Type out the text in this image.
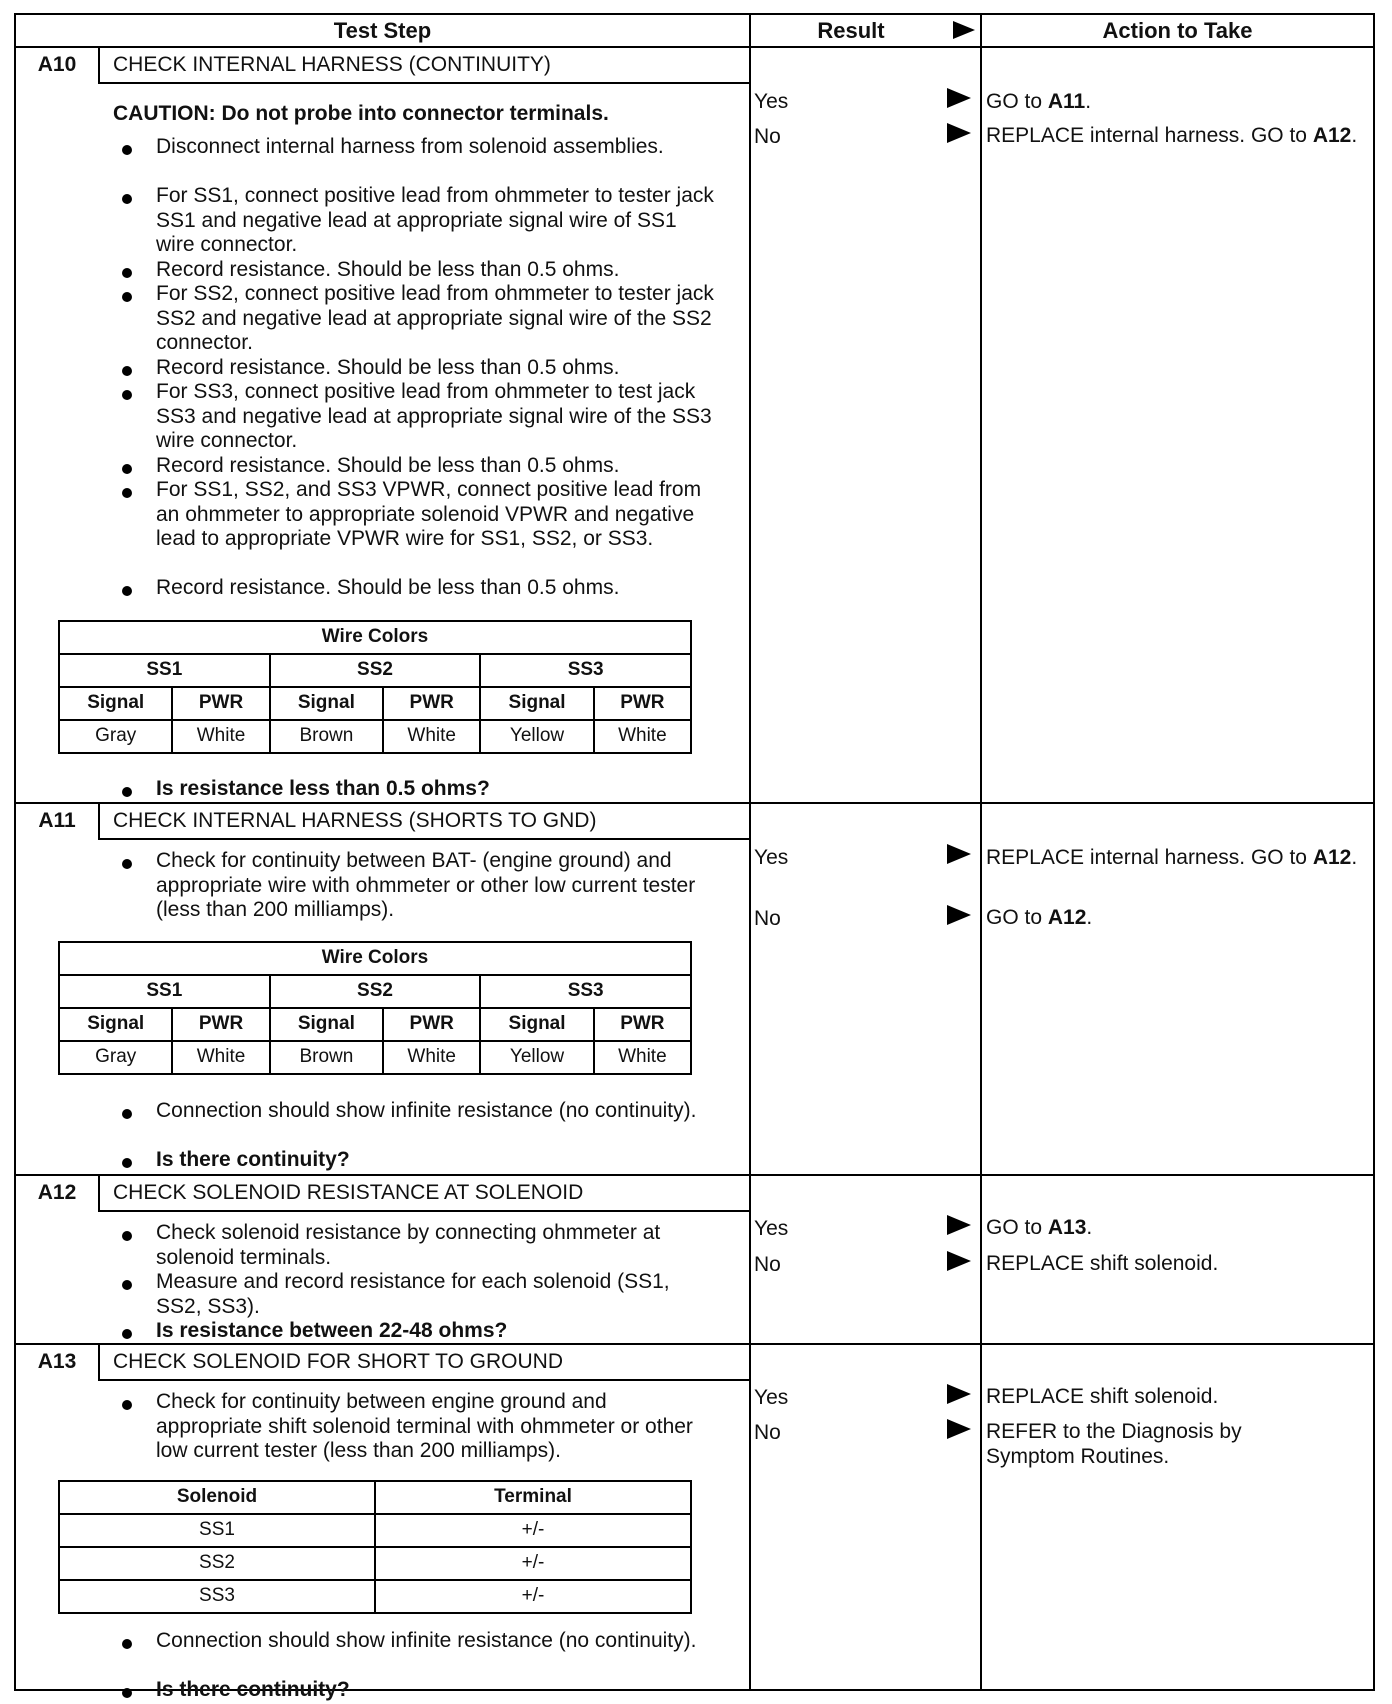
Test Step	Result	Action to Take
A10	CHECK INTERNAL HARNESS (CONTINUITY)
CAUTION: Do not probe into connector terminals.
Disconnect internal harness from solenoid assemblies.
For SS1, connect positive lead from ohmmeter to tester jack SS1 and negative lead at appropriate signal wire of SS1 wire connector.
Record resistance. Should be less than 0.5 ohms.
For SS2, connect positive lead from ohmmeter to tester jack SS2 and negative lead at appropriate signal wire of the SS2 connector.
Record resistance. Should be less than 0.5 ohms.
For SS3, connect positive lead from ohmmeter to test jack SS3 and negative lead at appropriate signal wire of the SS3 wire connector.
Record resistance. Should be less than 0.5 ohms.
For SS1, SS2, and SS3 VPWR, connect positive lead from an ohmmeter to appropriate solenoid VPWR and negative lead to appropriate VPWR wire for SS1, SS2, or SS3.
Record resistance. Should be less than 0.5 ohms.
Wire Colors					
SS1		SS2		SS3	
Signal	PWR	Signal	PWR	Signal	PWR
Gray	White	Brown	White	Yellow	White
Is resistance less than 0.5 ohms?
Yes	GO to A11.
No	REPLACE internal harness. GO to A12.
A11	CHECK INTERNAL HARNESS (SHORTS TO GND)
Check for continuity between BAT- (engine ground) and appropriate wire with ohmmeter or other low current tester (less than 200 milliamps).
Wire Colors					
SS1		SS2		SS3	
Signal	PWR	Signal	PWR	Signal	PWR
Gray	White	Brown	White	Yellow	White
Connection should show infinite resistance (no continuity).
Is there continuity?
Yes	REPLACE internal harness. GO to A12.
No	GO to A12.
A12	CHECK SOLENOID RESISTANCE AT SOLENOID
Check solenoid resistance by connecting ohmmeter at solenoid terminals.
Measure and record resistance for each solenoid (SS1, SS2, SS3).
Is resistance between 22-48 ohms?
Yes	GO to A13.
No	REPLACE shift solenoid.
A13	CHECK SOLENOID FOR SHORT TO GROUND
Check for continuity between engine ground and appropriate shift solenoid terminal with ohmmeter or other low current tester (less than 200 milliamps).
Solenoid	Terminal
SS1	+/-
SS2	+/-
SS3	+/-
Connection should show infinite resistance (no continuity).
Is there continuity?
Yes	REPLACE shift solenoid.
No	REFER to the Diagnosis by Symptom Routines.
